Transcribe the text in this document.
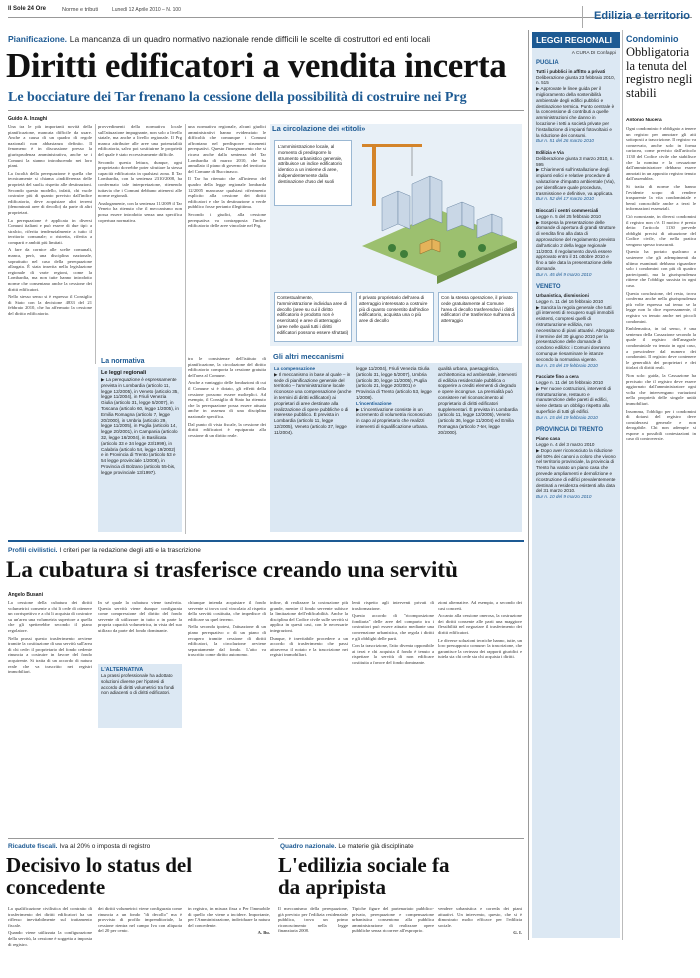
Il Sole 24 Ore	Norme e tributi	Lunedì 12 Aprile 2010 – N. 100	Edilizia e territorio
Pianificazione. La mancanza di un quadro normativo nazionale rende difficili le scelte di costruttori ed enti locali
Diritti edificatori a vendita incerta
Le bocciature dei Tar frenano la cessione della possibilità di costruire nei Prg
Guido A. Inzaghi

Una tra le più importanti novità della pianificazione, mancata difficile da usare. Anche a causa di un quadro di regole nazionali non abbastanza definito. Il fenomeno è in discussione presso la giurisprudenza amministrativa, anche se i Comuni la stanno introducendo nei loro piani.

La facoltà della perequazione è quella che tecnicamente si chiama «indifferenza delle proprietà del suoli» rispetto alle destinazioni. Secondo questo modello, infatti, chi vuole costruire più di quanto previsto dall'indice edificatorio, deve acquistare altri terreni (denominati aree di decollo) da parte di altri proprietari.

La perequazione è applicata in diversi Comuni italiani e può essere di due tipi: a stralcio, riferita tendenzialmente a tutto il territorio comunale; o ristretta, riferita a comparti e ambiti più limitati.

A fare da cornice alle scelte comunali, manca, però, una disciplina nazionale, soprattutto nel caso della perequazione allargata. È stata inserita nella legislazione regionale di varie regioni, come la Lombardia, ma non tutte hanno introdotto norme che consentano anche la cessione dei diritti edificatori.

Nello stesso senso si è espresso il Consiglio di Stato con la decisione 4833 del 21 febbraio 2010, che ha affermato la cessione del diritto edificatorio.

provvedimenti della normativa locale sull'attuazione impugnante, non solo a livello statale, ma anche a livello regionale. Il Prg manca attribuire alle aree una potenzialità edificatoria, salvo poi sostituirne le proprietà del quale è stato eccessivamente difficile.

Secondo questa lettura, dunque, ogni proprietario dovrebbe poter sfruttare la stessa capacità edificatoria in qualsiasi zona. Il Tar Lombardia, con la sentenza 2310/2008, ha confermato tale interpretazione, ritenendo tuttavia che i Comuni debbano attenersi alle norme regionali.

Analogamente, con la sentenza 11/2009 il Tar Veneto ha ritenuto che il meccanismo non possa essere introdotto senza una specifica copertura normativa.

una normativa regionale, alcuni giudici amministrativi hanno evidenziato le difficoltà che comunque i Comuni affrontano nel predisporre strumenti perequativi. Questo l'insegnamento che si ricava anche dalla sentenza del Tar Lombardia di marzo 2010, che ha annullato il piano di governo del territorio del Comune di Buccinasco.

Il Tar ha ritenuto che all'interno del quadro della legge regionale lombarda 12/2005 mancasse qualsiasi riferimento esplicito alla cessione dei diritti edificatori e che la destinazione a verde pubblico fosse pertanto illegittima.

Secondo i giudici, alla cessione perequativa va contrapposta l'indice edificatorio delle aree vincolate nel Prg.

La circolazione dei «titoli»
L'amministrazione locale, al momento di predisporre lo strumento urbanistico generale, attribuisce un indice edificatorio identico a un insieme di aree, indipendentemente dalla destinazione d'uso del suoli
Contestualmente, l'amministrazione individua aree di decollo (aree su cui il diritto edificatorio è prodotto non è esercitato) e aree di atterraggio (aree nelle quali tutti i diritti edificatori possono essere sfruttati)
Il privato proprietario dell'area di atterraggio interessato a costruire più di quanto consentito dall'indice edificatorio, acquista una o più aree di decollo
Con la stessa operazione, il privato cede gratuitamente al Comune l'area di decollo trasferendovi i diritti edificatori che trasferisce sull'area di atterraggio
La normativa
Le leggi regionali
▶ La perequazione è espressamente prevista in Lombardia (articolo 11, legge 12/2005), in Veneto (articolo 35, legge 11/2004), in Friuli Venezia Giulia (articolo 31, legge 5/2007), in Toscana (articolo 60, legge 1/2005), in Emilia Romagna (articolo 7, legge 20/2000), in Umbria (articolo 29, legge 11/2005), in Puglia (articolo 14, legge 20/2001), in Campania (articolo 32, legge 16/2004), in Basilicata (articolo 33 e 34 legge 23/1999), in Calabria (articolo 54, legge 19/2002) e in Provincia di Trento (articolo 53 e 54 legge provinciale 1/2008), in Provincia di Bolzano (articolo 55-bis, legge provinciale 13/1997).

tra le consistenze dell'istituto di pianificazione, la circolazione del diritto edificatorio comporta la cessione gratuita dell'area al Comune.

Anche a vantaggio delle fondazioni di cui il Comune si è dotato, gli effetti della cessione possono essere molteplici. Ad esempio, il Consiglio di Stato ha ritenuto che la perequazione possa essere attuata anche in assenza di una disciplina nazionale specifica.

Dal punto di vista fiscale, la cessione dei diritti edificatori è equiparata alla cessione di un diritto reale.

Gli altri meccanismi
La compensazione
▶ Il meccanismo in base al quale – in sede di pianificazione generale del territorio – l'amministrazione locale riconosce una compensazione (anche in termini di diritti edificatori) ai proprietari di aree destinate alla realizzazione di opere pubbliche o di interesse pubblico. È prevista in Lombardia (articolo 11, legge 12/2005), Veneto (articolo 37, legge 11/2004).
legge 11/2004), Friuli Venezia Giulia (articolo 31, legge 5/2007), Umbria (articolo 30, legge 11/2005), Puglia (articolo 21, legge 20/2001) e Provincia di Trento (articolo 53, legge 1/2008).
L'incentivazione
▶ L'incentivazione consiste in un incremento di volumetria riconosciuto in capo al proprietario che realizzi interventi di riqualificazione urbana.
qualità urbana, paesaggistica, architettonica ed ambientale, interventi di edilizia residenziale pubblica o sopperire a crediti elementi di degrado e opere incongrue. La premialità può consistere nel riconoscimento al proprietario di diritti edificatori supplementari. È prevista in Lombardia (articolo 11, legge 12/2005), Veneto (articolo 36, legge 11/2004) ed Emilia Romagna (articolo 7-ter, legge 20/2000).
LEGGI REGIONALI
A CURA DI Confappi
PUGLIA
Tutti i pubblici in affitto a privati
Deliberazione giunta 23 febbraio 2010, n. 515
▶ Approvate le linee guida per il miglioramento della sostenibilità ambientale degli edifici pubblici e destinazione termica. Punto centrale è la concessione di contributi a quelle amministrazioni che danno in locazione i tetti a società private per l'installazione di impianti fotovoltaici e la riduzione dei consumi.
Bur n. 51 del 26 marzo 2010

Edilizia e Via
Deliberazione giunta 3 marzo 2010, n. 595
▶ Chiarimenti sull'installazione degli impianti eolici e relative procedure di valutazione d'impatto ambientale (Via), per identificare quale procedura, trasmissione e definitive, va applicata.
Bur n. 52 del 17 marzo 2010

Bioccati i centri commerciali
Legge n. 5 del 25 febbraio 2010
▶ Sospesa la presentazione delle domande di apertura di grandi strutture di vendita fino alla data di approvazione del regolamento previsto dall'articolo 2 della legge regionale 11/2003. Il regolamento dovrà essere approvato entro il 31 ottobre 2010 e fino a tale data la presentazione delle domande.
Bur n. 45 del 9 marzo 2010

VENETO
Urbanistica, dismissioni
Legge n. 11 del 16 febbraio 2010
▶ Sancita la regola generale che tutti gli interventi di recupero sugli immobili esistenti, compresi quelli di ristrutturazione edilizia, non necessitano di piani attuativi. Abrogato il termine del 30 giugno 2010 per la presentazione delle domande di condono edilizio: i Comuni dovranno comunque riesaminare le istanze secondo la normativa vigente.
Bur n. 15 del 19 febbraio 2010

Facciate fino a cera
Legge n. 11 del 16 febbraio 2010
▶ Per nuove costruzioni, interventi di ristrutturazione, restauro e manutenzione delle pareti di edifici, viene dettato un obbligo rispetto alla superficie di tutti gli edifici.
Bur n. 15 del 19 febbraio 2010

PROVINCIA DI TRENTO
Piano casa
Legge n. 4 del 3 marzo 2010
▶ Dopo aver riconosciuto la riduzione del 50% dei canoni a coloro che vivono nel territorio provinciale, la provincia di Trento ha varato un piano casa che prevede ampliamenti e demolizione e ricostruzione di edifici prevalentemente destinati a residenza esistenti alla data del 31 marzo 2010.
Bur n. 10 del 9 marzo 2010
Condominio
Obbligatoria la tenuta del registro negli stabili
Antonio Nucera

Ogni condominio è obbligato a tenere un registro per annotare gli atti sottoposti a trascrizione. Il registro va conservato, anche solo in forma cartacea, come previsto dall'articolo 1130 del Codice civile che stabilisce che la nomina e la cessazione dall'amministratore debbano essere annotati in un apposito registro tenuto dall'assemblea.

Si tratta di norme che hanno l'evidente scopo di rendere trasparente la vita condominiale e bensì conoscibile anche a terzi le informazioni essenziali.

Ciò nonostante, in diversi condomini il registro non c'è. Il motivo è presto detto: l'articolo 1130 prevede obblighi precisi di attuazione del Codice civile, che nella pratica vengono spesso trascurati.

Questo ha portato qualcuno a sostenere che gli adempimenti da ultimo esaminati debbano riguardare solo i condomini con più di quattro partecipanti, ma la giurisprudenza ritiene che l'obbligo sussista in ogni caso.

Questa conclusione, del resto, trova conferma anche nella giurisprudenza più volte espressa sul tema: se la legge non lo dice espressamente, il registro va tenuto anche nei piccoli condomini.

Emblematica, in tal senso, è una sentenza della Cassazione secondo la quale il registro dell'anagrafe condominiale va tenuto in ogni caso, a prescindere dal numero dei condomini. Il registro deve contenere le generalità dei proprietari e dei titolari di diritti reali.

Non solo: guida, la Cassazione ha precisato che il registro deve essere aggiornato dall'amministratore ogni volta che intervengano variazioni nella proprietà delle singole unità immobiliari.

Insomma, l'obbligo per i condomini di dotarsi del registro deve considerarsi generale e non derogabile. Chi non adempie si espone a possibili contestazioni in caso di controversie.

Profili civilistici. I criteri per la redazione degli atti e la trascrizione
La cubatura si trasferisce creando una servitù
Angelo Busani

La cessione della cubatura dei diritti volumetrici consente a chi li cede di ottenere un corrispettivo e a chi li acquista di costruire su un'area una volumetria superiore a quella che gli spetterebbe secondo il piano regolatore.

Nella prassi questo trasferimento avviene tramite la costituzione di una servitù sull'area di chi cede: il proprietario del fondo cedente rinuncia a costruire in favore del fondo acquirente. Si tratta di un accordo di natura reale che va trascritto nei registri immobiliari.

In sé quale la cubatura viene trasferita. Questa servitù viene dunque configurata come compressione del diritto del fondo servente di utilizzare in tutto o in parte la propria capacità volumetrica, in vista del suo utilizzo da parte del fondo dominante.

L'ALTERNATIVA
La prassi professionale ha adottato soluzioni diverse per l'ipotesi di accordo di diritti volumetrici tra fondi non adiacenti o di diritti edificatori.

chiunque intenda acquistare il fondo servente si trova così vincolato al rispetto della servitù costituita, che impedisce di edificare su quel terreno.

Nella seconda ipotesi, l'attuazione di un piano perequativo o di un piano di recupero tramite cessione di diritti edificatori, la circolazione avviene separatamente dal fondo. L'atto va trascritto come diritto autonomo.

infine, di realizzare la costruzione più grande, mentre il fondo servente subisce la limitazione dell'edificabilità. Anche la disciplina del Codice civile sulle servitù si applica in questi casi, con le necessarie integrazioni.

Dunque, è inevitabile procedere a un accordo di trasferimento che passi attraverso il notaio e la trascrizione nei registri immobiliari.

lenti rispetto agli interventi privati di trasformazione.

Questo accordo di "ricomposizione fondiaria" delle aree del comparto tra i costruttori può essere attuato mediante una convenzione urbanistica, che regola i diritti e gli obblighi delle parti.

Con la trascrizione, l'atto diventa opponibile ai terzi e chi acquista il fondo è tenuto a rispettare la servitù di non edificare costituita a favore del fondo dominante.

zioni alternative. Ad esempio, a secondo dei casi concreti.

Accanto alla cessione onerosa, la costruzione dei diritti consente alle parti una maggiore flessibilità nel negoziare il trasferimento dei diritti edificatori.

Le diverse soluzioni tecniche hanno, tutte, un loro presupposto comune: la trascrizione, che garantisce la certezza dei rapporti giuridici e tutela sia chi cede sia chi acquista i diritti.

Ricadute fiscali. Iva al 20% o imposta di registro
Decisivo lo status del concedente

La qualificazione civilistica del contratto di trasferimento dei diritti edificatori ha un riflesso inevitabilmente sul trattamento fiscale.

Quando viene utilizzata la configurazione della servitù, la cessione è soggetta a imposta di registro.

dei diritti volumetrici viene configurata come rinuncia a un fondo "di decollo" ma è provvisto di profilo imprenditoriale, la cessione rientra nel campo Iva con aliquota del 20 per cento.

in registro, in misura fissa o Per l'immobile di quello che viene a incidere. Importante, per l'Amministrazione, individuare la natura del concedente.

A. Bu.

Quadro nazionale. Le materie già disciplinate
L'edilizia sociale fa da apripista

Tipiche figure del partenariato pubblico-privato, perequazione e compensazione urbanistica consentono alla pubblica amministrazione di realizzare opere pubbliche senza ricorrere all'esproprio.

vendere urbanistica e correda dei piani attuativi. Un intervento, questo, che si è dimostrato molto efficace per l'edilizia sociale.

G. I.

Il meccanismo della perequazione, già previsto per l'edilizia residenziale pubblica, trova un primo riconoscimento nella legge finanziaria 2008.
